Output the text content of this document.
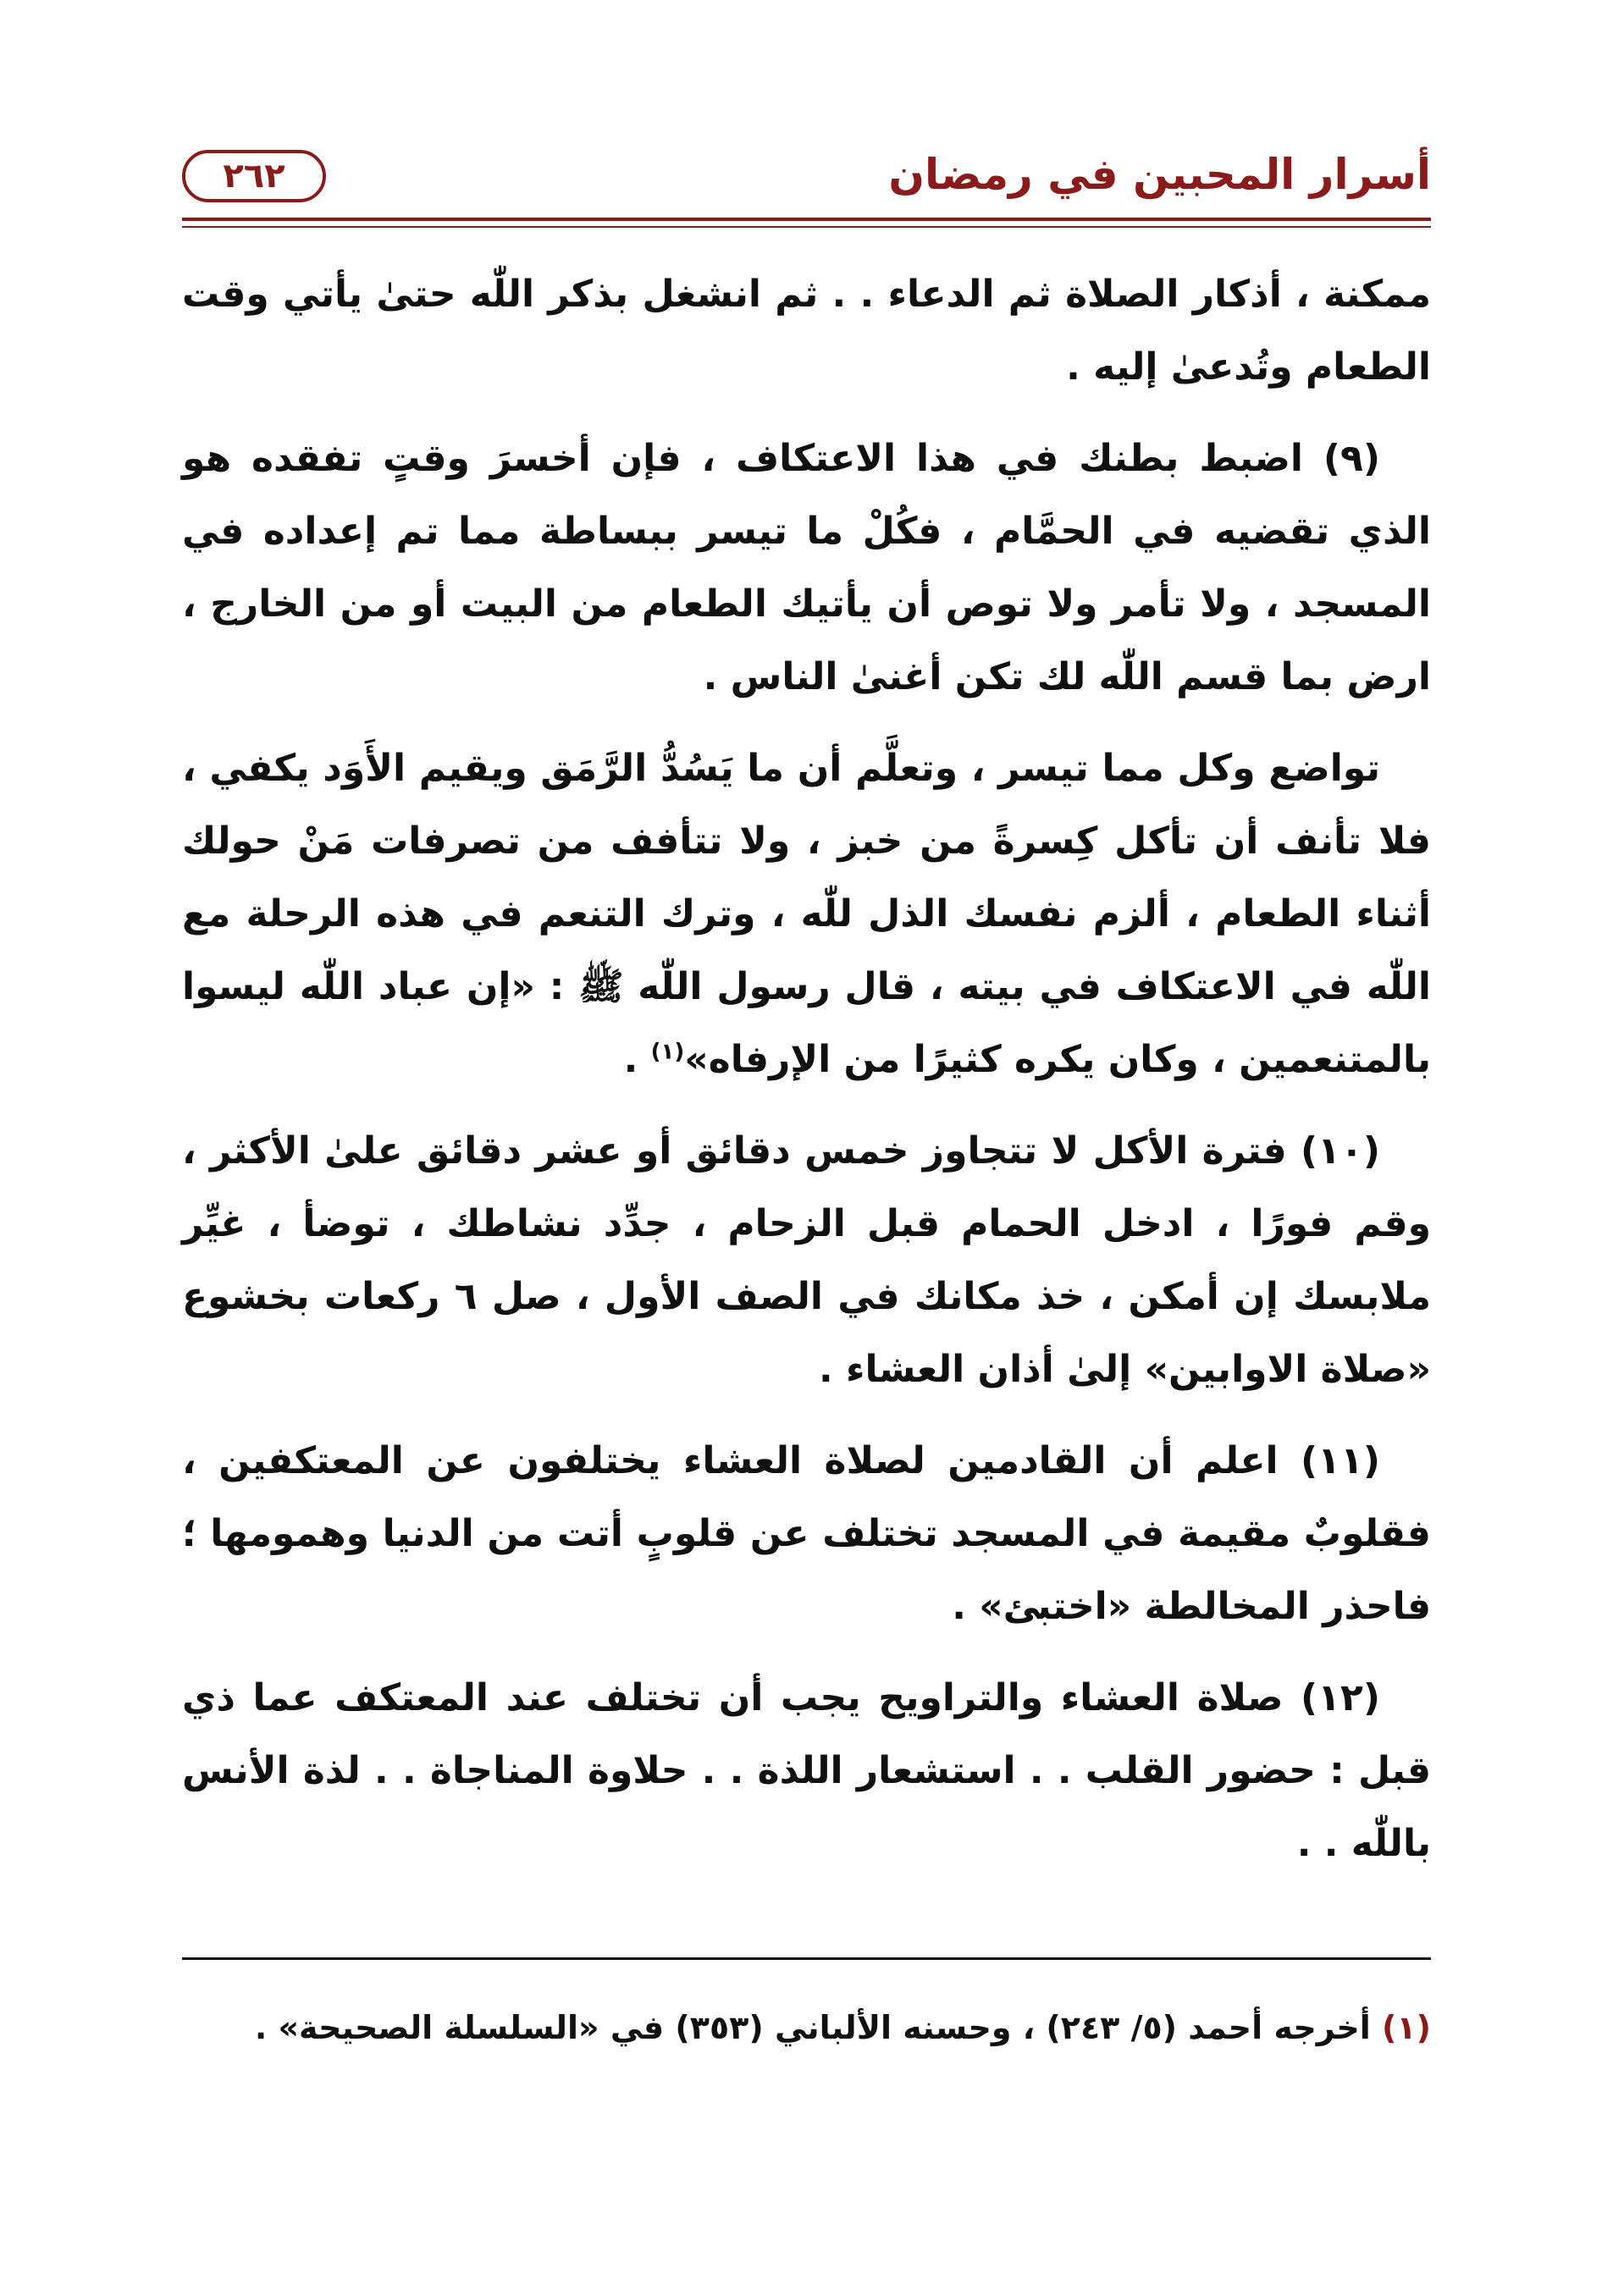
أسرار المحبين في رمضان
٢٦٢

ممكنة ، أذكار الصلاة ثم الدعاء . . ثم انشغل بذكر اللّٰه حتىٰ يأتي وقت الطعام وتُدعىٰ إليه .

(٩) اضبط بطنك في هذا الاعتكاف ، فإن أخسرَ وقتٍ تفقده هو الذي تقضيه في الحمَّام ، فكُلْ ما تيسر ببساطة مما تم إعداده في المسجد ، ولا تأمر ولا توص أن يأتيك الطعام من البيت أو من الخارج ، ارض بما قسم اللّٰه لك تكن أغنىٰ الناس .

تواضع وكل مما تيسر ، وتعلَّم أن ما يَسُدُّ الرَّمَق ويقيم الأَوَد يكفي ، فلا تأنف أن تأكل كِسرةً من خبز ، ولا تتأفف من تصرفات مَنْ حولك أثناء الطعام ، ألزم نفسك الذل للّٰه ، وترك التنعم في هذه الرحلة مع اللّٰه في الاعتكاف في بيته ، قال رسول اللّٰه ﷺ : «إن عباد اللّٰه ليسوا بالمتنعمين ، وكان يكره كثيرًا من الإرفاه»$^{(١)}$ .

(١٠) فترة الأكل لا تتجاوز خمس دقائق أو عشر دقائق علىٰ الأكثر ، وقم فورًا ، ادخل الحمام قبل الزحام ، جدِّد نشاطك ، توضأ ، غيِّر ملابسك إن أمكن ، خذ مكانك في الصف الأول ، صل ٦ ركعات بخشوع «صلاة الاوابين» إلىٰ أذان العشاء .

(١١) اعلم أن القادمين لصلاة العشاء يختلفون عن المعتكفين ، فقلوبٌ مقيمة في المسجد تختلف عن قلوبٍ أتت من الدنيا وهمومها ؛ فاحذر المخالطة «اختبئ» .

(١٢) صلاة العشاء والتراويح يجب أن تختلف عند المعتكف عما ذي قبل : حضور القلب . . استشعار اللذة . . حلاوة المناجاة . . لذة الأنس باللّٰه . .

(١) أخرجه أحمد (٥/ ٢٤٣) ، وحسنه الألباني (٣٥٣) في «السلسلة الصحيحة» .
